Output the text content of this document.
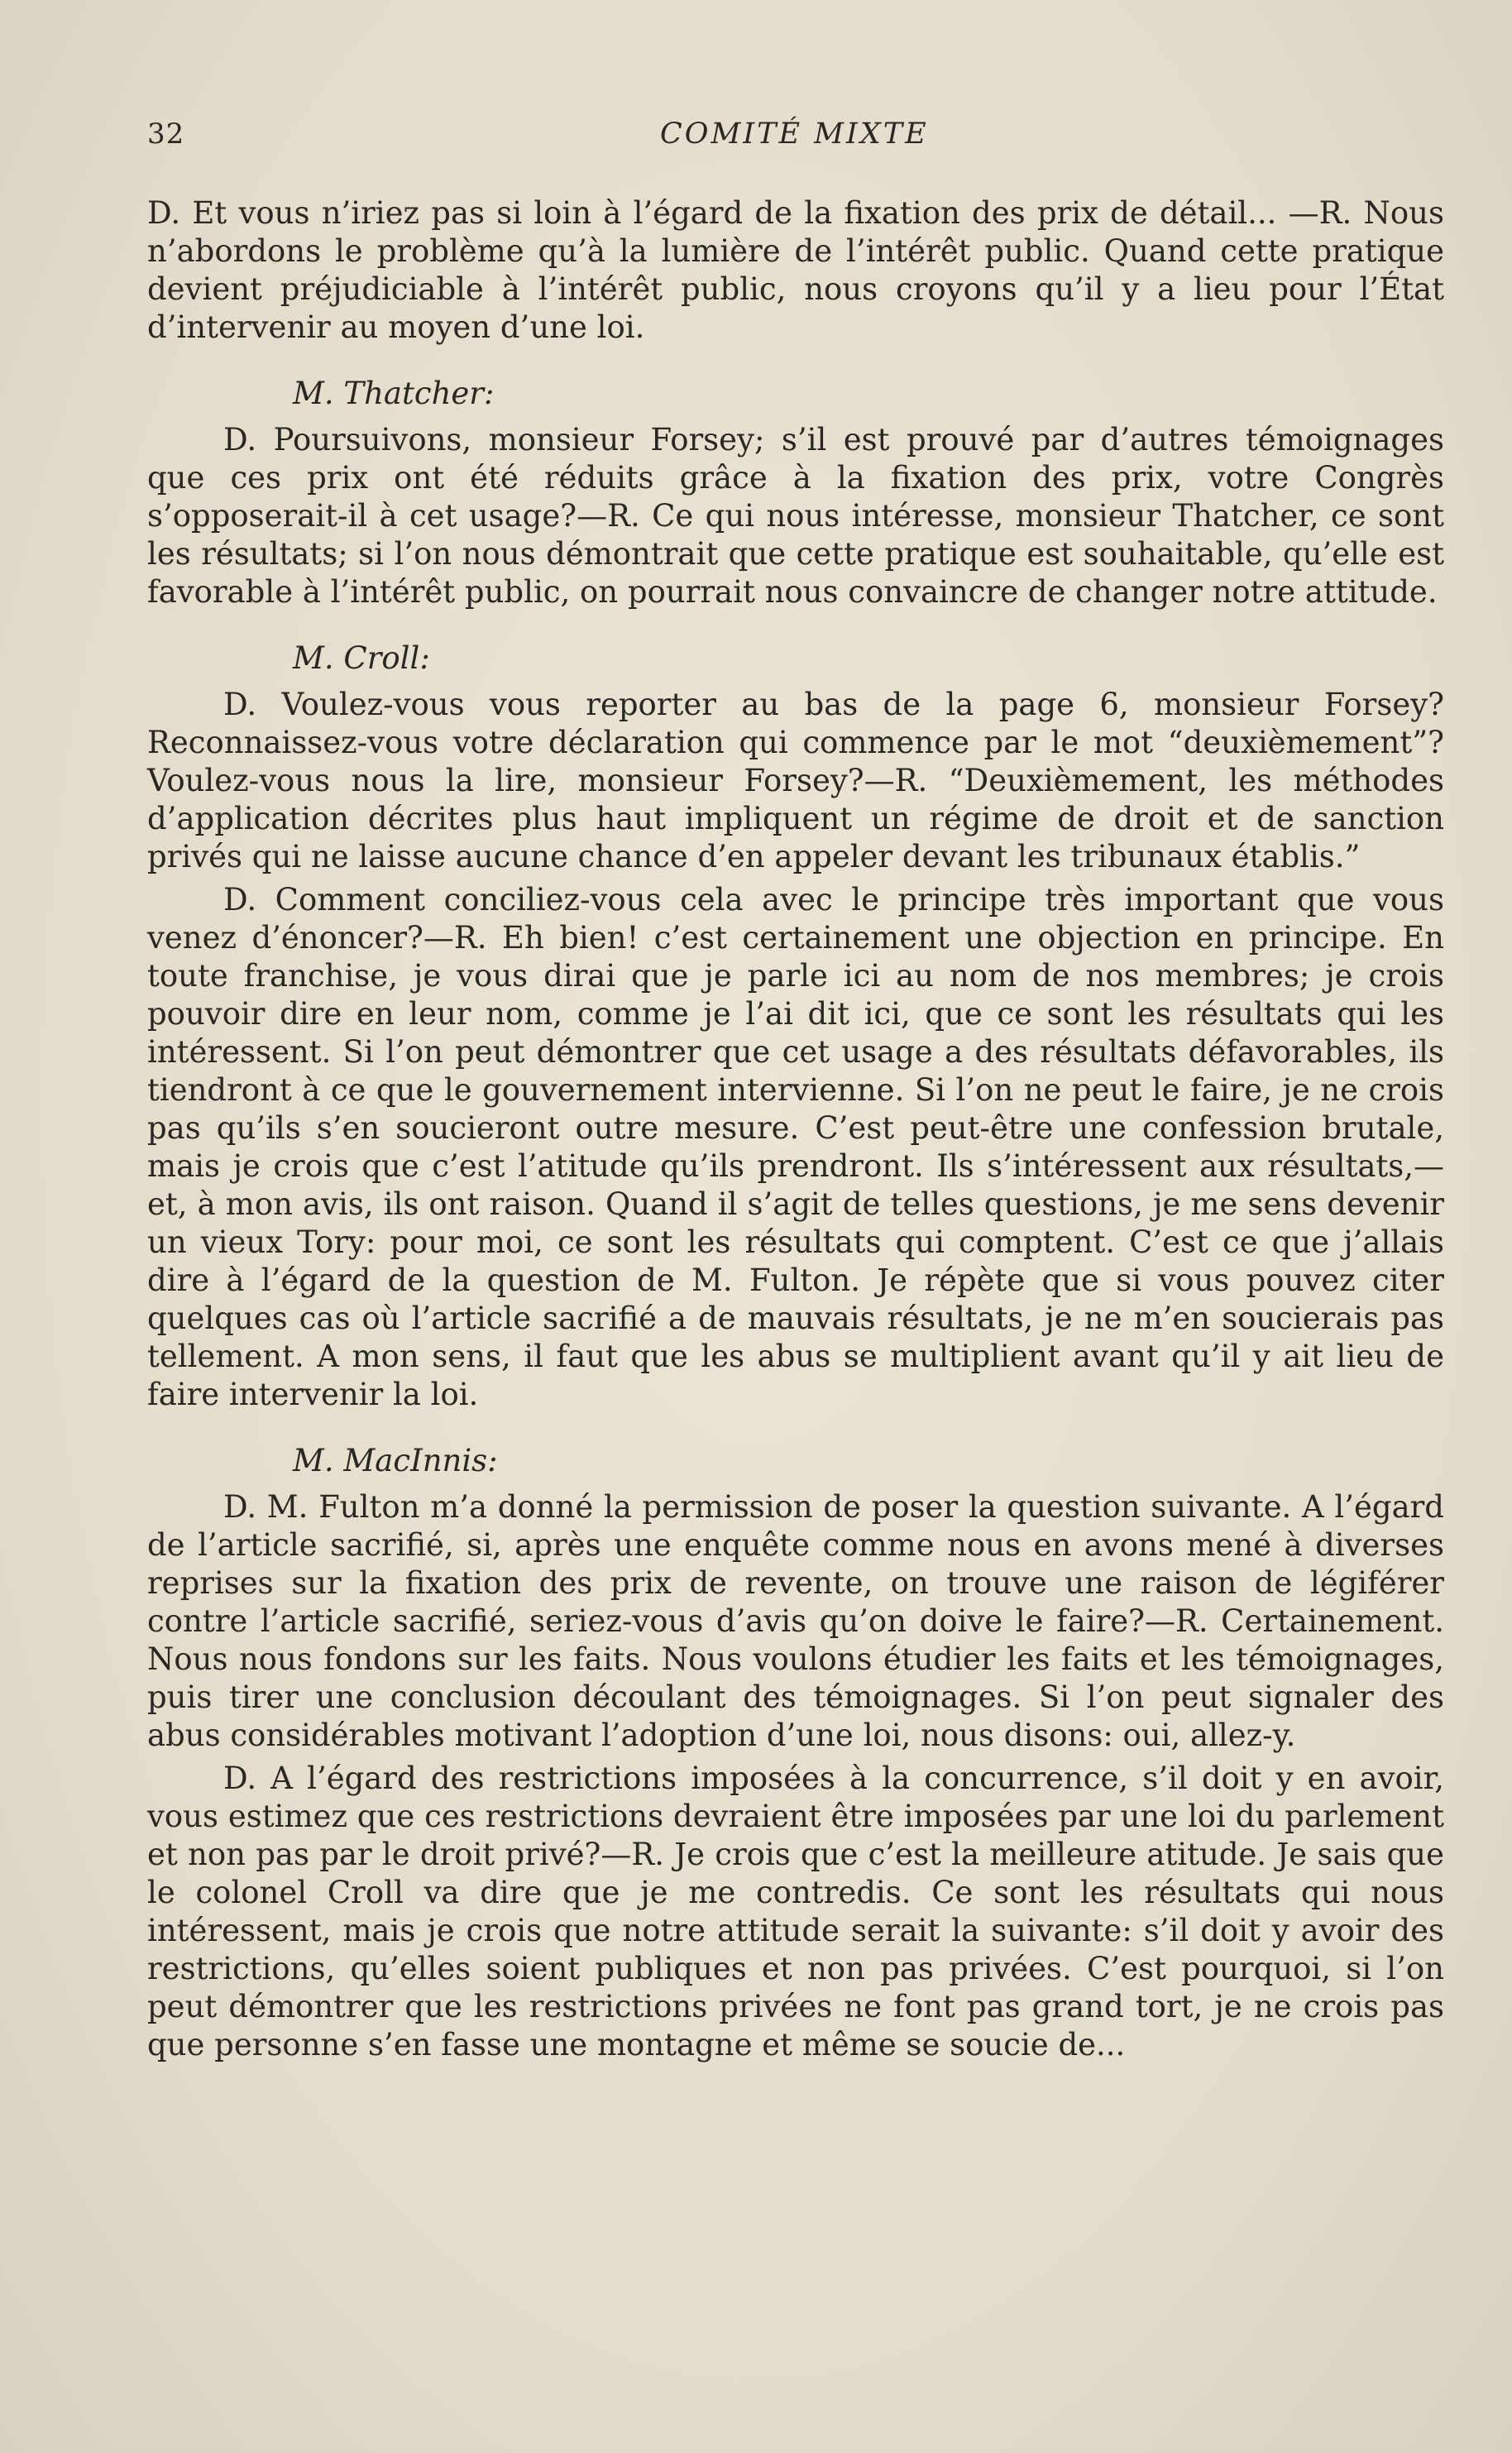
32	COMITÉ MIXTE

D. Et vous n’iriez pas si loin à l’égard de la fixation des prix de détail... —R. Nous n’abordons le problème qu’à la lumière de l’intérêt public. Quand cette pratique devient préjudiciable à l’intérêt public, nous croyons qu’il y a lieu pour l’État d’intervenir au moyen d’une loi.

M. Thatcher:

D. Poursuivons, monsieur Forsey; s’il est prouvé par d’autres témoignages que ces prix ont été réduits grâce à la fixation des prix, votre Congrès s’opposerait-il à cet usage?—R. Ce qui nous intéresse, monsieur Thatcher, ce sont les résultats; si l’on nous démontrait que cette pratique est souhaitable, qu’elle est favorable à l’intérêt public, on pourrait nous convaincre de changer notre attitude.

M. Croll:

D. Voulez-vous vous reporter au bas de la page 6, monsieur Forsey? Reconnaissez-vous votre déclaration qui commence par le mot “deuxièmement”? Voulez-vous nous la lire, monsieur Forsey?—R. “Deuxièmement, les méthodes d’application décrites plus haut impliquent un régime de droit et de sanction privés qui ne laisse aucune chance d’en appeler devant les tribunaux établis.”

D. Comment conciliez-vous cela avec le principe très important que vous venez d’énoncer?—R. Eh bien! c’est certainement une objection en principe. En toute franchise, je vous dirai que je parle ici au nom de nos membres; je crois pouvoir dire en leur nom, comme je l’ai dit ici, que ce sont les résultats qui les intéressent. Si l’on peut démontrer que cet usage a des résultats défavorables, ils tiendront à ce que le gouvernement intervienne. Si l’on ne peut le faire, je ne crois pas qu’ils s’en soucieront outre mesure. C’est peut-être une confession brutale, mais je crois que c’est l’atitude qu’ils prendront. Ils s’intéressent aux résultats,—et, à mon avis, ils ont raison. Quand il s’agit de telles questions, je me sens devenir un vieux Tory: pour moi, ce sont les résultats qui comptent. C’est ce que j’allais dire à l’égard de la question de M. Fulton. Je répète que si vous pouvez citer quelques cas où l’article sacrifié a de mauvais résultats, je ne m’en soucierais pas tellement. A mon sens, il faut que les abus se multiplient avant qu’il y ait lieu de faire intervenir la loi.

M. MacInnis:

D. M. Fulton m’a donné la permission de poser la question suivante. A l’égard de l’article sacrifié, si, après une enquête comme nous en avons mené à diverses reprises sur la fixation des prix de revente, on trouve une raison de légiférer contre l’article sacrifié, seriez-vous d’avis qu’on doive le faire?—R. Certainement. Nous nous fondons sur les faits. Nous voulons étudier les faits et les témoignages, puis tirer une conclusion découlant des témoignages. Si l’on peut signaler des abus considérables motivant l’adoption d’une loi, nous disons: oui, allez-y.

D. A l’égard des restrictions imposées à la concurrence, s’il doit y en avoir, vous estimez que ces restrictions devraient être imposées par une loi du parlement et non pas par le droit privé?—R. Je crois que c’est la meilleure atitude. Je sais que le colonel Croll va dire que je me contredis. Ce sont les résultats qui nous intéressent, mais je crois que notre attitude serait la suivante: s’il doit y avoir des restrictions, qu’elles soient publiques et non pas privées. C’est pourquoi, si l’on peut démontrer que les restrictions privées ne font pas grand tort, je ne crois pas que personne s’en fasse une montagne et même se soucie de...
